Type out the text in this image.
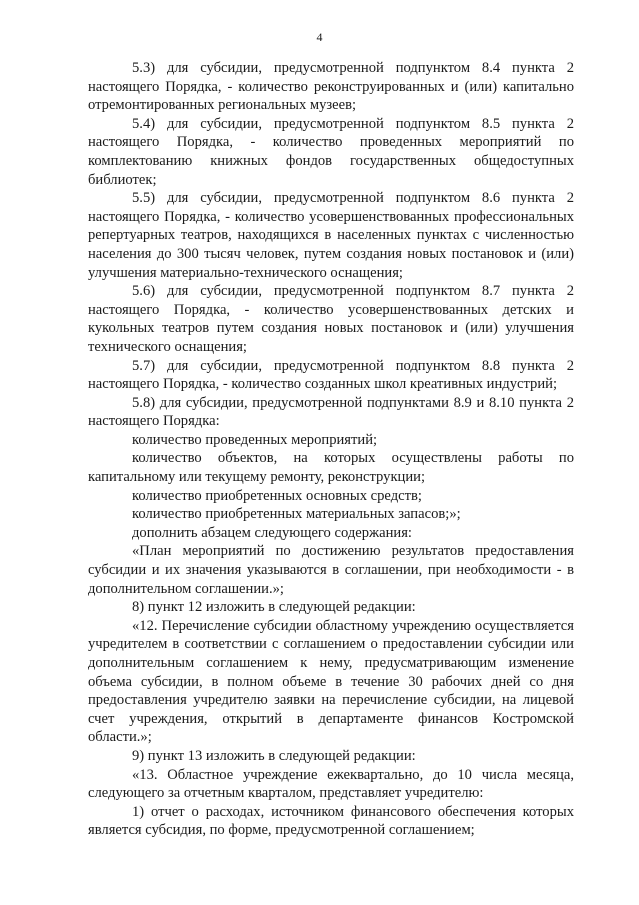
4

5.3) для субсидии, предусмотренной подпунктом 8.4 пункта 2 настоящего Порядка, - количество реконструированных и (или) капитально отремонтированных региональных музеев;

5.4) для субсидии, предусмотренной подпунктом 8.5 пункта 2 настоящего Порядка, - количество проведенных мероприятий по комплектованию книжных фондов государственных общедоступных библиотек;

5.5) для субсидии, предусмотренной подпунктом 8.6 пункта 2 настоящего Порядка, - количество усовершенствованных профессиональных репертуарных театров, находящихся в населенных пунктах с численностью населения до 300 тысяч человек, путем создания новых постановок и (или) улучшения материально-технического оснащения;

5.6) для субсидии, предусмотренной подпунктом 8.7 пункта 2 настоящего Порядка, - количество усовершенствованных детских и кукольных театров путем создания новых постановок и (или) улучшения технического оснащения;

5.7) для субсидии, предусмотренной подпунктом 8.8 пункта 2 настоящего Порядка, - количество созданных школ креативных индустрий;

5.8) для субсидии, предусмотренной подпунктами 8.9 и 8.10 пункта 2 настоящего Порядка:

количество проведенных мероприятий;

количество объектов, на которых осуществлены работы по капитальному или текущему ремонту, реконструкции;

количество приобретенных основных средств;

количество приобретенных материальных запасов;»;

дополнить абзацем следующего содержания:

«План мероприятий по достижению результатов предоставления субсидии и их значения указываются в соглашении, при необходимости - в дополнительном соглашении.»;

8) пункт 12 изложить в следующей редакции:

«12. Перечисление субсидии областному учреждению осуществляется учредителем в соответствии с соглашением о предоставлении субсидии или дополнительным соглашением к нему, предусматривающим изменение объема субсидии, в полном объеме в течение 30 рабочих дней со дня предоставления учредителю заявки на перечисление субсидии, на лицевой счет учреждения, открытий в департаменте финансов Костромской области.»;

9) пункт 13 изложить в следующей редакции:

«13. Областное учреждение ежеквартально, до 10 числа месяца, следующего за отчетным кварталом, представляет учредителю:

1) отчет о расходах, источником финансового обеспечения которых является субсидия, по форме, предусмотренной соглашением;
